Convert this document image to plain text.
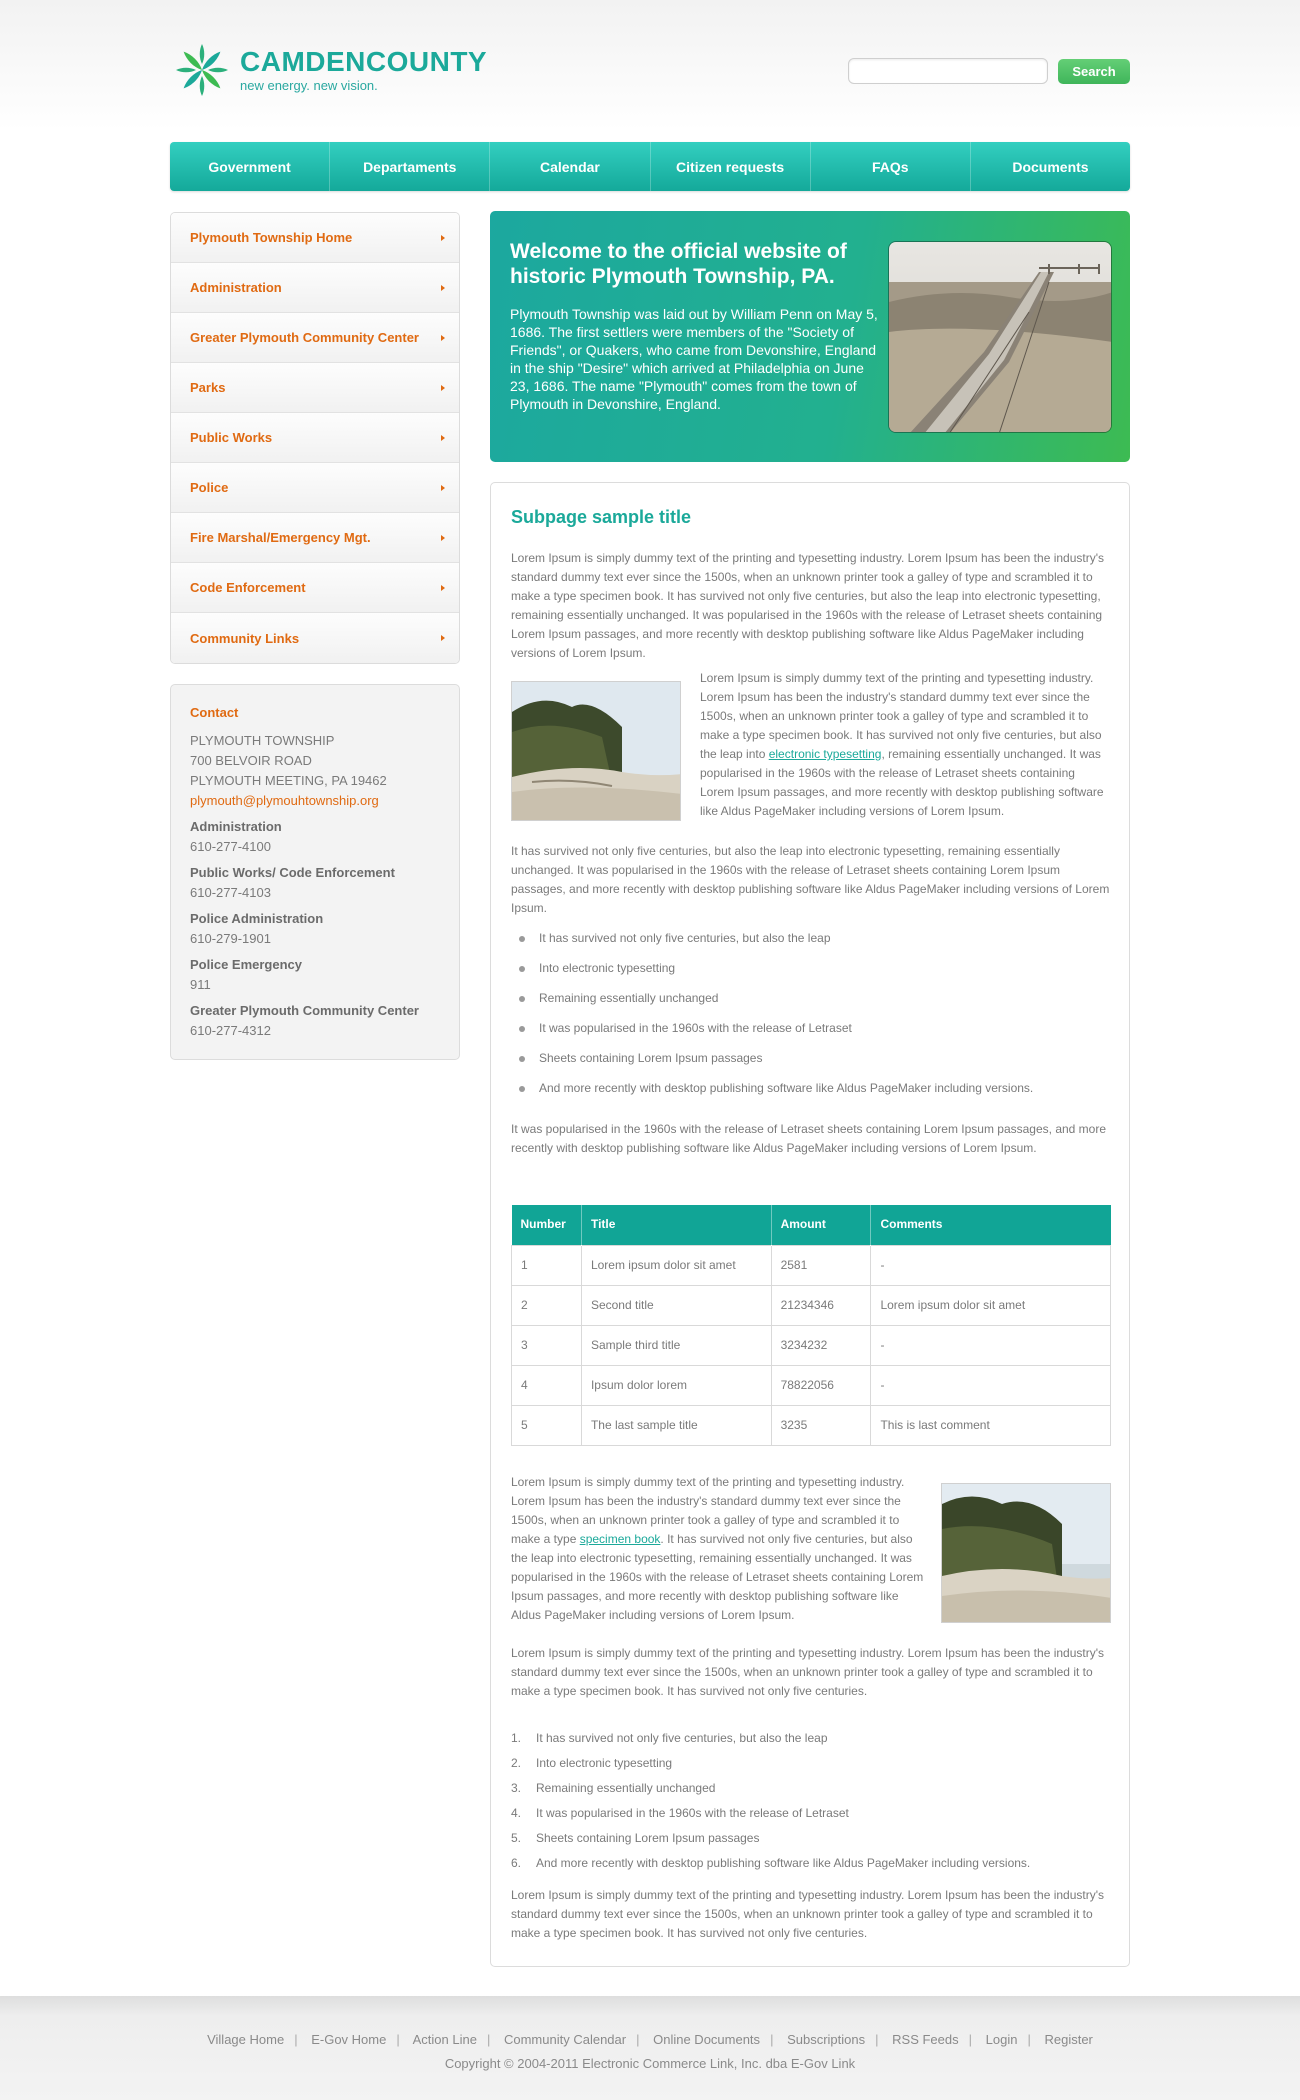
CAMDENCOUNTY
new energy. new vision.
Search
Government	Departaments	Calendar	Citizen requests	FAQs	Documents
Plymouth Township Home
Administration
Greater Plymouth Community Center
Parks
Public Works
Police
Fire Marshal/Emergency Mgt.
Code Enforcement
Community Links
Contact
PLYMOUTH TOWNSHIP
700 BELVOIR ROAD
PLYMOUTH MEETING, PA 19462
plymouth@plymouhtownship.org
Administration
610-277-4100
Public Works/ Code Enforcement
610-277-4103
Police Administration
610-279-1901
Police Emergency
911
Greater Plymouth Community Center
610-277-4312
Welcome to the official website of historic Plymouth Township, PA.
Plymouth Township was laid out by William Penn on May 5, 1686. The first settlers were members of the "Society of Friends", or Quakers, who came from Devonshire, England in the ship "Desire" which arrived at Philadelphia on June 23, 1686. The name "Plymouth" comes from the town of Plymouth in Devonshire, England.
Subpage sample title

Lorem Ipsum is simply dummy text of the printing and typesetting industry. Lorem Ipsum has been the industry's standard dummy text ever since the 1500s, when an unknown printer took a galley of type and scrambled it to make a type specimen book. It has survived not only five centuries, but also the leap into electronic typesetting, remaining essentially unchanged. It was popularised in the 1960s with the release of Letraset sheets containing Lorem Ipsum passages, and more recently with desktop publishing software like Aldus PageMaker including versions of Lorem Ipsum.

Lorem Ipsum is simply dummy text of the printing and typesetting industry. Lorem Ipsum has been the industry's standard dummy text ever since the 1500s, when an unknown printer took a galley of type and scrambled it to make a type specimen book. It has survived not only five centuries, but also the leap into electronic typesetting, remaining essentially unchanged. It was popularised in the 1960s with the release of Letraset sheets containing Lorem Ipsum passages, and more recently with desktop publishing software like Aldus PageMaker including versions of Lorem Ipsum.

It has survived not only five centuries, but also the leap into electronic typesetting, remaining essentially unchanged. It was popularised in the 1960s with the release of Letraset sheets containing Lorem Ipsum passages, and more recently with desktop publishing software like Aldus PageMaker including versions of Lorem Ipsum.

It has survived not only five centuries, but also the leap
Into electronic typesetting
Remaining essentially unchanged
It was popularised in the 1960s with the release of Letraset
Sheets containing Lorem Ipsum passages
And more recently with desktop publishing software like Aldus PageMaker including versions.

It was popularised in the 1960s with the release of Letraset sheets containing Lorem Ipsum passages, and more recently with desktop publishing software like Aldus PageMaker including versions of Lorem Ipsum.

Number	Title	Amount	Comments
1	Lorem ipsum dolor sit amet	2581	-
2	Second title	21234346	Lorem ipsum dolor sit amet
3	Sample third title	3234232	-
4	Ipsum dolor lorem	78822056	-
5	The last sample title	3235	This is last comment

Lorem Ipsum is simply dummy text of the printing and typesetting industry. Lorem Ipsum has been the industry's standard dummy text ever since the 1500s, when an unknown printer took a galley of type and scrambled it to make a type specimen book. It has survived not only five centuries, but also the leap into electronic typesetting, remaining essentially unchanged. It was popularised in the 1960s with the release of Letraset sheets containing Lorem Ipsum passages, and more recently with desktop publishing software like Aldus PageMaker including versions of Lorem Ipsum.

Lorem Ipsum is simply dummy text of the printing and typesetting industry. Lorem Ipsum has been the industry's standard dummy text ever since the 1500s, when an unknown printer took a galley of type and scrambled it to make a type specimen book. It has survived not only five centuries.

1.	It has survived not only five centuries, but also the leap
2.	Into electronic typesetting
3.	Remaining essentially unchanged
4.	It was popularised in the 1960s with the release of Letraset
5.	Sheets containing Lorem Ipsum passages
6.	And more recently with desktop publishing software like Aldus PageMaker including versions.

Lorem Ipsum is simply dummy text of the printing and typesetting industry. Lorem Ipsum has been the industry's standard dummy text ever since the 1500s, when an unknown printer took a galley of type and scrambled it to make a type specimen book. It has survived not only five centuries.

Village Home | E-Gov Home | Action Line | Community Calendar | Online Documents | Subscriptions | RSS Feeds | Login | Register
Copyright © 2004-2011 Electronic Commerce Link, Inc. dba E-Gov Link
